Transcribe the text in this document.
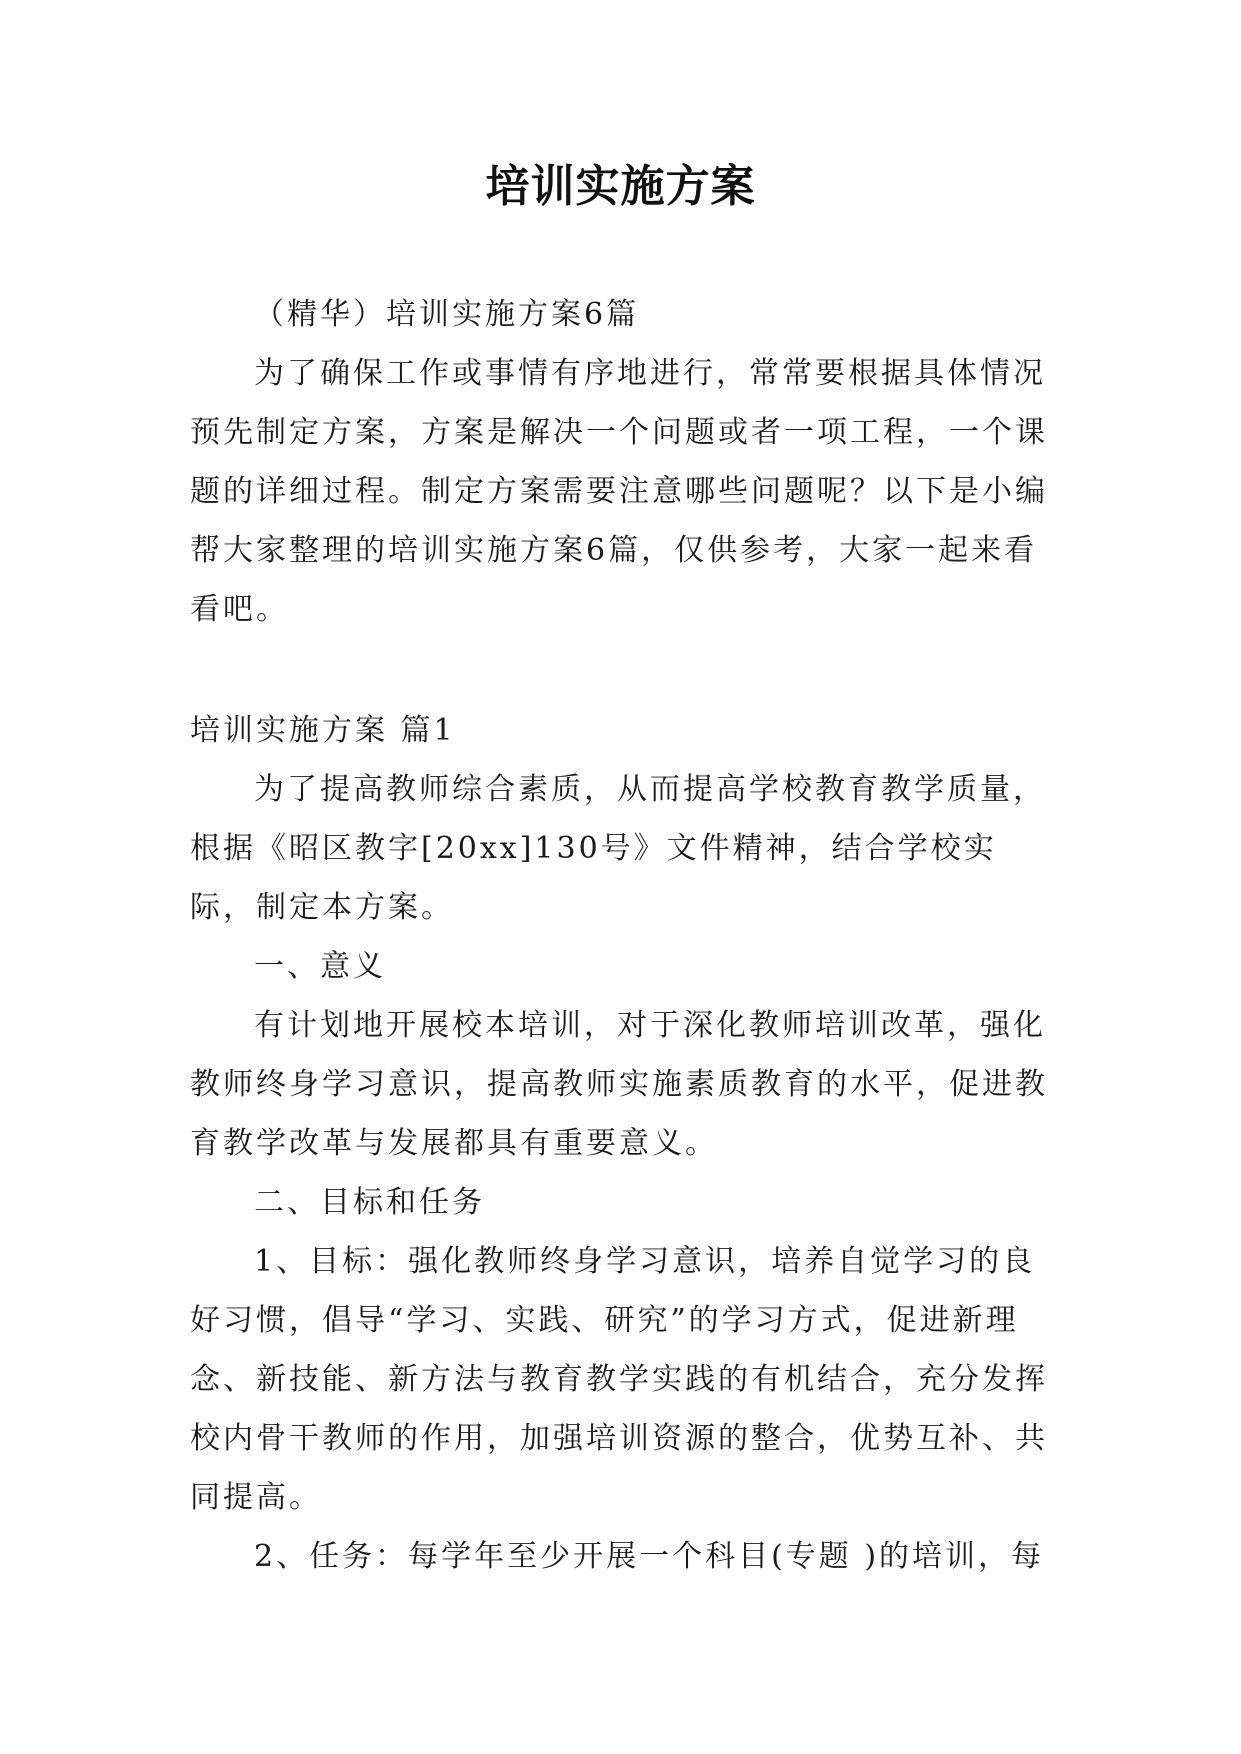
培训实施方案

（精华）培训实施方案6篇

为了确保工作或事情有序地进行，常常要根据具体情况预先制定方案，方案是解决一个问题或者一项工程，一个课题的详细过程。制定方案需要注意哪些问题呢？以下是小编帮大家整理的培训实施方案6篇，仅供参考，大家一起来看看吧。

培训实施方案 篇1

为了提高教师综合素质，从而提高学校教育教学质量，根据《昭区教字[20xx]130号》文件精神，结合学校实际，制定本方案。

一、意义

有计划地开展校本培训，对于深化教师培训改革，强化教师终身学习意识，提高教师实施素质教育的水平，促进教育教学改革与发展都具有重要意义。

二、目标和任务

1、目标：强化教师终身学习意识，培养自觉学习的良好习惯，倡导“学习、实践、研究”的学习方式，促进新理念、新技能、新方法与教育教学实践的有机结合，充分发挥校内骨干教师的作用，加强培训资源的整合，优势互补、共同提高。

2、任务：每学年至少开展一个科目(专题 )的培训，每
